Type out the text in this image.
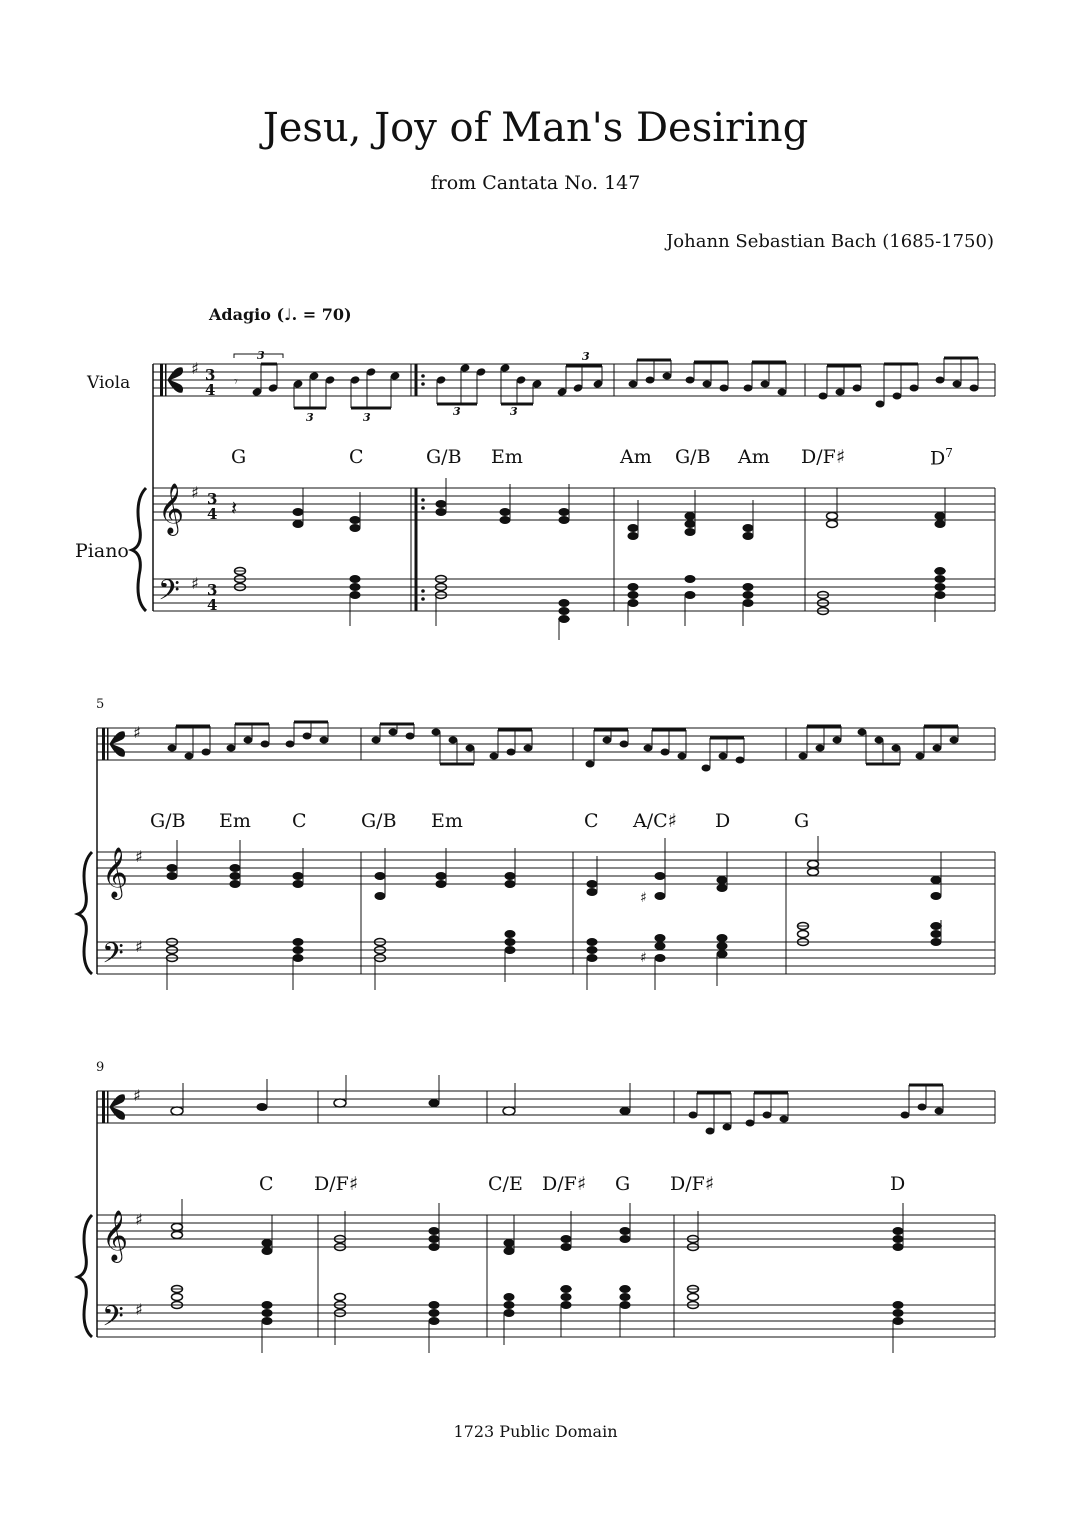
Jesu, Joy of Man's Desiring
from Cantata No. 147
Johann Sebastian Bach (1685-1750)
Adagio (♩. = 70)
Viola
Piano
5
9
G	C	G/B Em	Am G/B Am D/F♯	$D^7$
G/B Em C	G/B Em	C A/C♯ D	G
C D/F♯	C/E D/F♯ G D/F♯	D
1723 Public Domain
♯ 3
4
𝄞 ♯ 3
4
𝄢 ♯ 3
4
𝄾
3
3	3	3	3
3
𝄽
♯
𝄞 ♯
𝄢 ♯
♯
♯
♯
𝄞 ♯
𝄢 ♯
